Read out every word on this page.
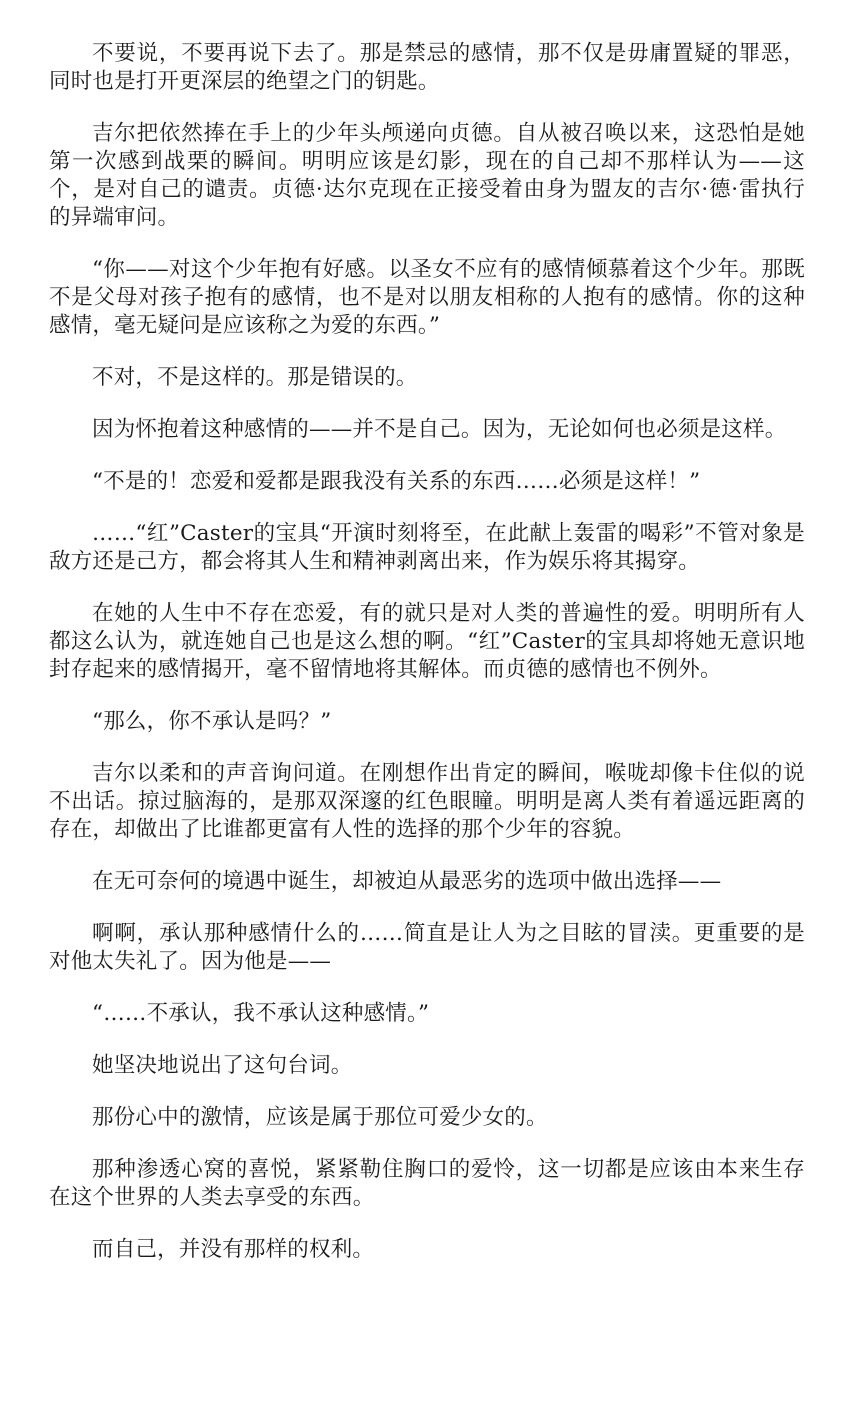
不要说，不要再说下去了。那是禁忌的感情，那不仅是毋庸置疑的罪恶，同时也是打开更深层的绝望之门的钥匙。

吉尔把依然捧在手上的少年头颅递向贞德。自从被召唤以来，这恐怕是她第一次感到战栗的瞬间。明明应该是幻影，现在的自己却不那样认为——这个，是对自己的谴责。贞德·达尔克现在正接受着由身为盟友的吉尔·德·雷执行的异端审问。

“你——对这个少年抱有好感。以圣女不应有的感情倾慕着这个少年。那既不是父母对孩子抱有的感情，也不是对以朋友相称的人抱有的感情。你的这种感情，毫无疑问是应该称之为爱的东西。”

不对，不是这样的。那是错误的。

因为怀抱着这种感情的——并不是自己。因为，无论如何也必须是这样。

“不是的！恋爱和爱都是跟我没有关系的东西……必须是这样！”

……“红”Caster的宝具“开演时刻将至，在此献上轰雷的喝彩”不管对象是敌方还是己方，都会将其人生和精神剥离出来，作为娱乐将其揭穿。

在她的人生中不存在恋爱，有的就只是对人类的普遍性的爱。明明所有人都这么认为，就连她自己也是这么想的啊。“红”Caster的宝具却将她无意识地封存起来的感情揭开，毫不留情地将其解体。而贞德的感情也不例外。

“那么，你不承认是吗？”

吉尔以柔和的声音询问道。在刚想作出肯定的瞬间，喉咙却像卡住似的说不出话。掠过脑海的，是那双深邃的红色眼瞳。明明是离人类有着遥远距离的存在，却做出了比谁都更富有人性的选择的那个少年的容貌。

在无可奈何的境遇中诞生，却被迫从最恶劣的选项中做出选择——

啊啊，承认那种感情什么的……简直是让人为之目眩的冒渎。更重要的是对他太失礼了。因为他是——

“……不承认，我不承认这种感情。”

她坚决地说出了这句台词。

那份心中的激情，应该是属于那位可爱少女的。

那种渗透心窝的喜悦，紧紧勒住胸口的爱怜，这一切都是应该由本来生存在这个世界的人类去享受的东西。

而自己，并没有那样的权利。
